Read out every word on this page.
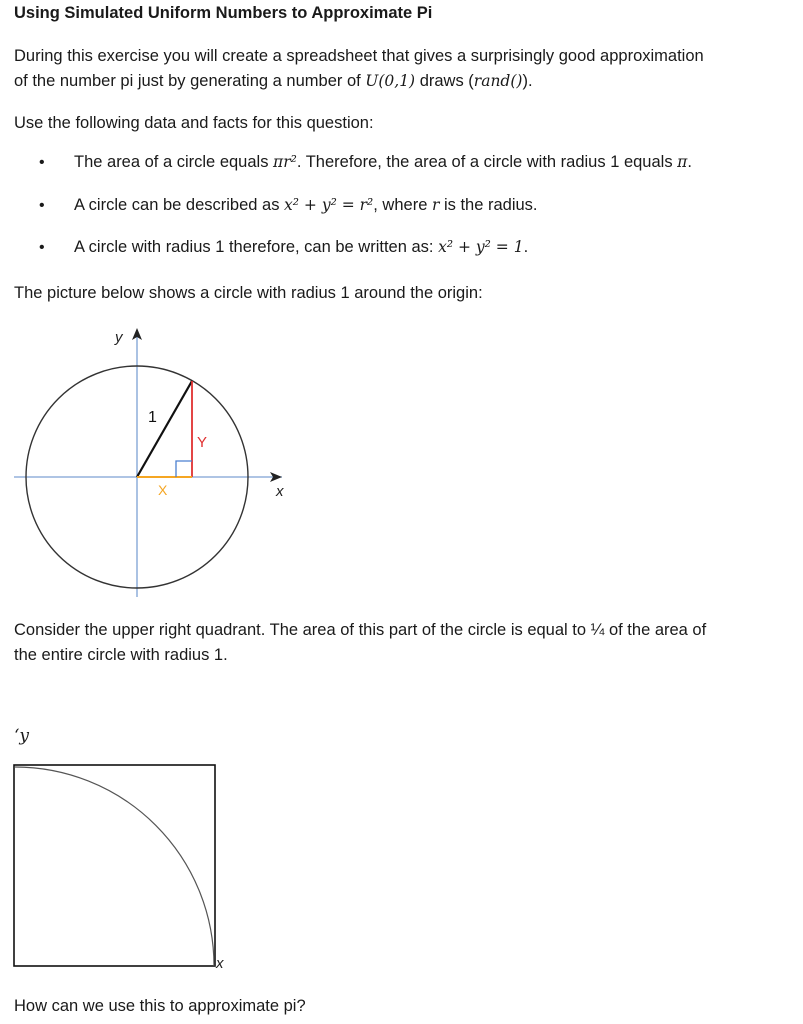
Using Simulated Uniform Numbers to Approximate Pi
During this exercise you will create a spreadsheet that gives a surprisingly good approximation
of the number pi just by generating a number of U(0,1) draws (rand()).
Use the following data and facts for this question:
• The area of a circle equals πr². Therefore, the area of a circle with radius 1 equals π.
• A circle can be described as x² + y² = r², where r is the radius.
• A circle with radius 1 therefore, can be written as: x² + y² = 1.
The picture below shows a circle with radius 1 around the origin:
1
Y
X
y
x
Consider the upper right quadrant. The area of this part of the circle is equal to ¼ of the area of
the entire circle with radius 1.
‘y
x
How can we use this to approximate pi?
